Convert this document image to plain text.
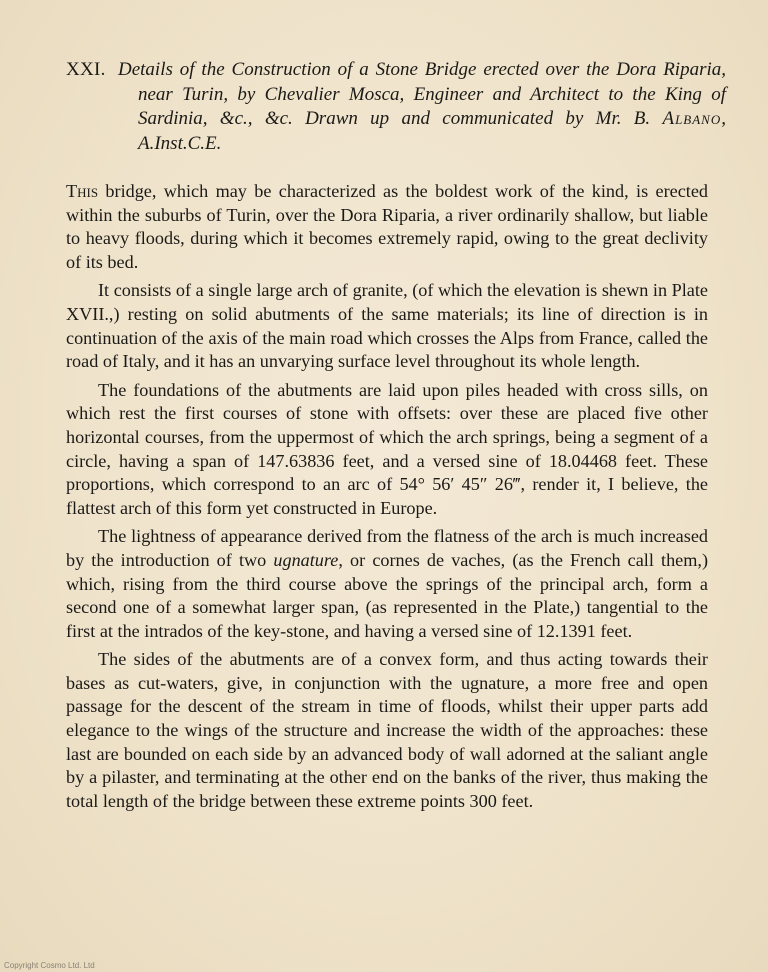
XXI. Details of the Construction of a Stone Bridge erected over the Dora Riparia, near Turin, by Chevalier Mosca, Engineer and Architect to the King of Sardinia, &c., &c. Drawn up and communicated by Mr. B. Albano, A.Inst.C.E.

This bridge, which may be characterized as the boldest work of the kind, is erected within the suburbs of Turin, over the Dora Riparia, a river ordinarily shallow, but liable to heavy floods, during which it becomes extremely rapid, owing to the great declivity of its bed.

It consists of a single large arch of granite, (of which the elevation is shewn in Plate XVII.,) resting on solid abutments of the same materials; its line of direction is in continuation of the axis of the main road which crosses the Alps from France, called the road of Italy, and it has an unvarying surface level throughout its whole length.

The foundations of the abutments are laid upon piles headed with cross sills, on which rest the first courses of stone with offsets: over these are placed five other horizontal courses, from the uppermost of which the arch springs, being a segment of a circle, having a span of 147.63836 feet, and a versed sine of 18.04468 feet. These proportions, which correspond to an arc of 54° 56′ 45″ 26‴, render it, I believe, the flattest arch of this form yet constructed in Europe.

The lightness of appearance derived from the flatness of the arch is much increased by the introduction of two ugnature, or cornes de vaches, (as the French call them,) which, rising from the third course above the springs of the principal arch, form a second one of a somewhat larger span, (as represented in the Plate,) tangential to the first at the intrados of the key-stone, and having a versed sine of 12.1391 feet.

The sides of the abutments are of a convex form, and thus acting towards their bases as cut-waters, give, in conjunction with the ugnature, a more free and open passage for the descent of the stream in time of floods, whilst their upper parts add elegance to the wings of the structure and increase the width of the approaches: these last are bounded on each side by an advanced body of wall adorned at the saliant angle by a pilaster, and terminating at the other end on the banks of the river, thus making the total length of the bridge between these extreme points 300 feet.

Copyright Cosmo Ltd. Ltd
